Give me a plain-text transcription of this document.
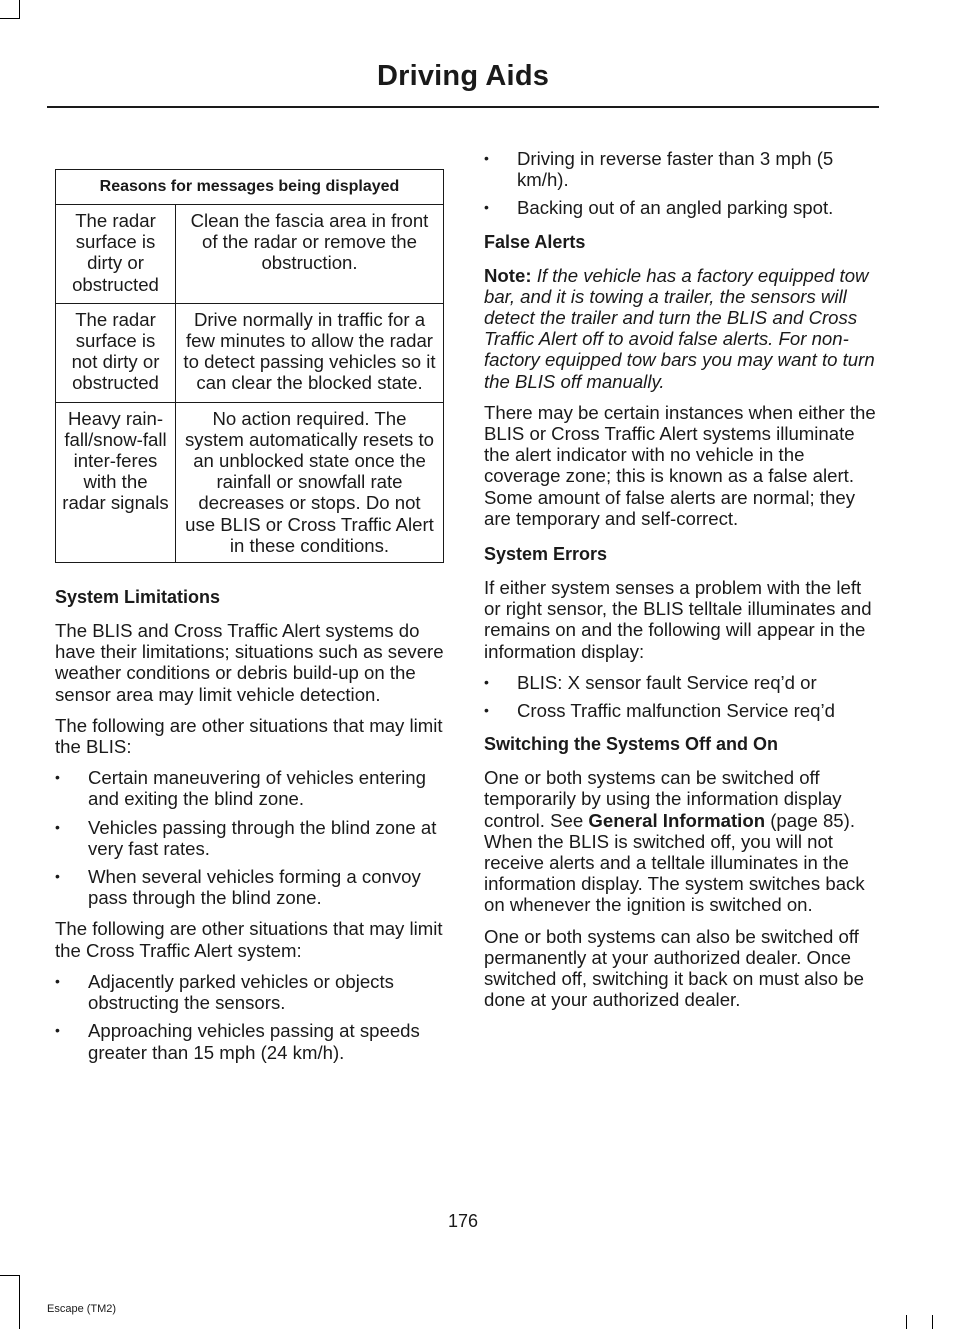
Driving Aids
Reasons for messages being displayed	
The radar surface is dirty or obstructed	Clean the fascia area in front of the radar or remove the obstruction.
The radar surface is not dirty or obstructed	Drive normally in traffic for a few minutes to allow the radar to detect passing vehicles so it can clear the blocked state.
Heavy rain-fall/snow-fall inter-feres with the radar signals	No action required. The system automatically resets to an unblocked state once the rainfall or snowfall rate decreases or stops. Do not use BLIS or Cross Traffic Alert in these conditions.
System Limitations

The BLIS and Cross Traffic Alert systems do have their limitations; situations such as severe weather conditions or debris build-up on the sensor area may limit vehicle detection.

The following are other situations that may limit the BLIS:

• Certain maneuvering of vehicles entering and exiting the blind zone.
• Vehicles passing through the blind zone at very fast rates.
• When several vehicles forming a convoy pass through the blind zone.

The following are other situations that may limit the Cross Traffic Alert system:

• Adjacently parked vehicles or objects obstructing the sensors.
• Approaching vehicles passing at speeds greater than 15 mph (24 km/h).
• Driving in reverse faster than 3 mph (5 km/h).
• Backing out of an angled parking spot.
False Alerts

Note: If the vehicle has a factory equipped tow bar, and it is towing a trailer, the sensors will detect the trailer and turn the BLIS and Cross Traffic Alert off to avoid false alerts. For non-factory equipped tow bars you may want to turn the BLIS off manually.

There may be certain instances when either the BLIS or Cross Traffic Alert systems illuminate the alert indicator with no vehicle in the coverage zone; this is known as a false alert. Some amount of false alerts are normal; they are temporary and self-correct.

System Errors

If either system senses a problem with the left or right sensor, the BLIS telltale illuminates and remains on and the following will appear in the information display:

• BLIS: X sensor fault Service req’d or
• Cross Traffic malfunction Service req’d
Switching the Systems Off and On

One or both systems can be switched off temporarily by using the information display control. See General Information (page 85). When the BLIS is switched off, you will not receive alerts and a telltale illuminates in the information display. The system switches back on whenever the ignition is switched on.

One or both systems can also be switched off permanently at your authorized dealer. Once switched off, switching it back on must also be done at your authorized dealer.

176
Escape (TM2)
